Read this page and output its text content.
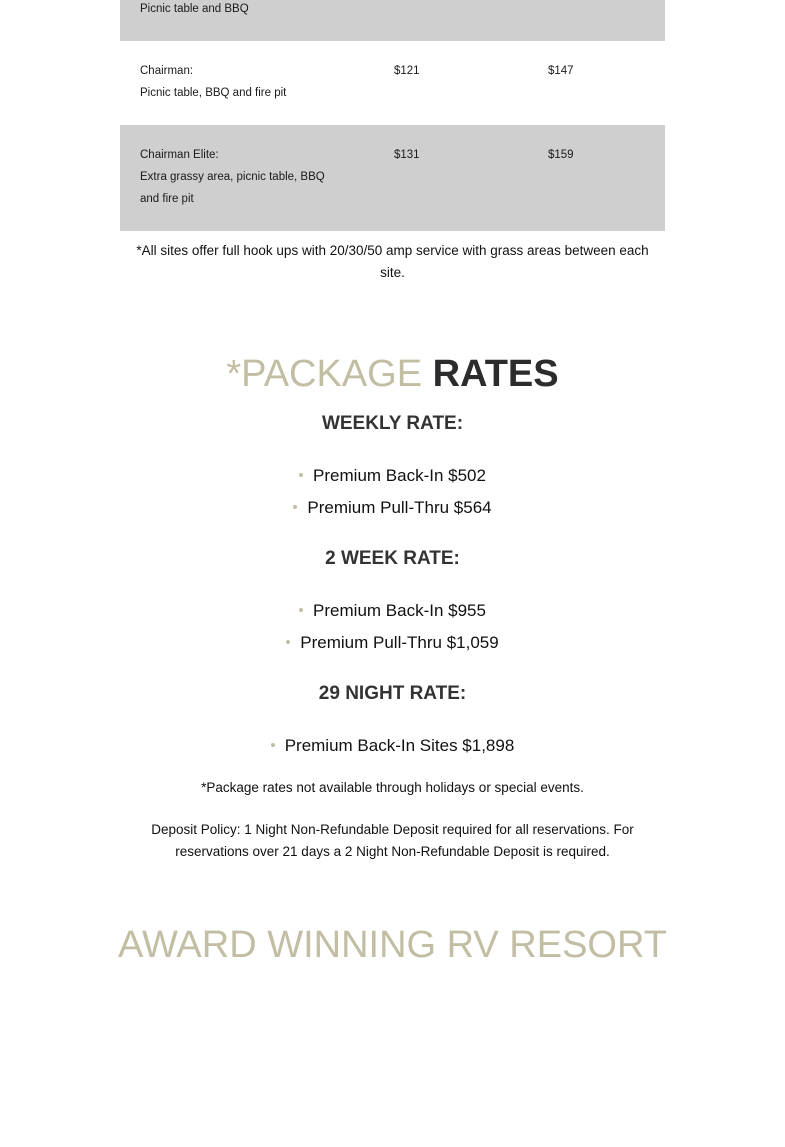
Picnic table and BBQ
Chairman:
Picnic table, BBQ and fire pit
$121	$147
Chairman Elite:
Extra grassy area, picnic table, BBQ
and fire pit
$131	$159
*All sites offer full hook ups with 20/30/50 amp service with grass areas between each site.
*PACKAGE RATES
WEEKLY RATE:
Premium Back-In $502
Premium Pull-Thru $564
2 WEEK RATE:
Premium Back-In $955
Premium Pull-Thru $1,059
29 NIGHT RATE:
Premium Back-In Sites $1,898
*Package rates not available through holidays or special events.
Deposit Policy: 1 Night Non-Refundable Deposit required for all reservations. For reservations over 21 days a 2 Night Non-Refundable Deposit is required.
AWARD WINNING RV RESORT
